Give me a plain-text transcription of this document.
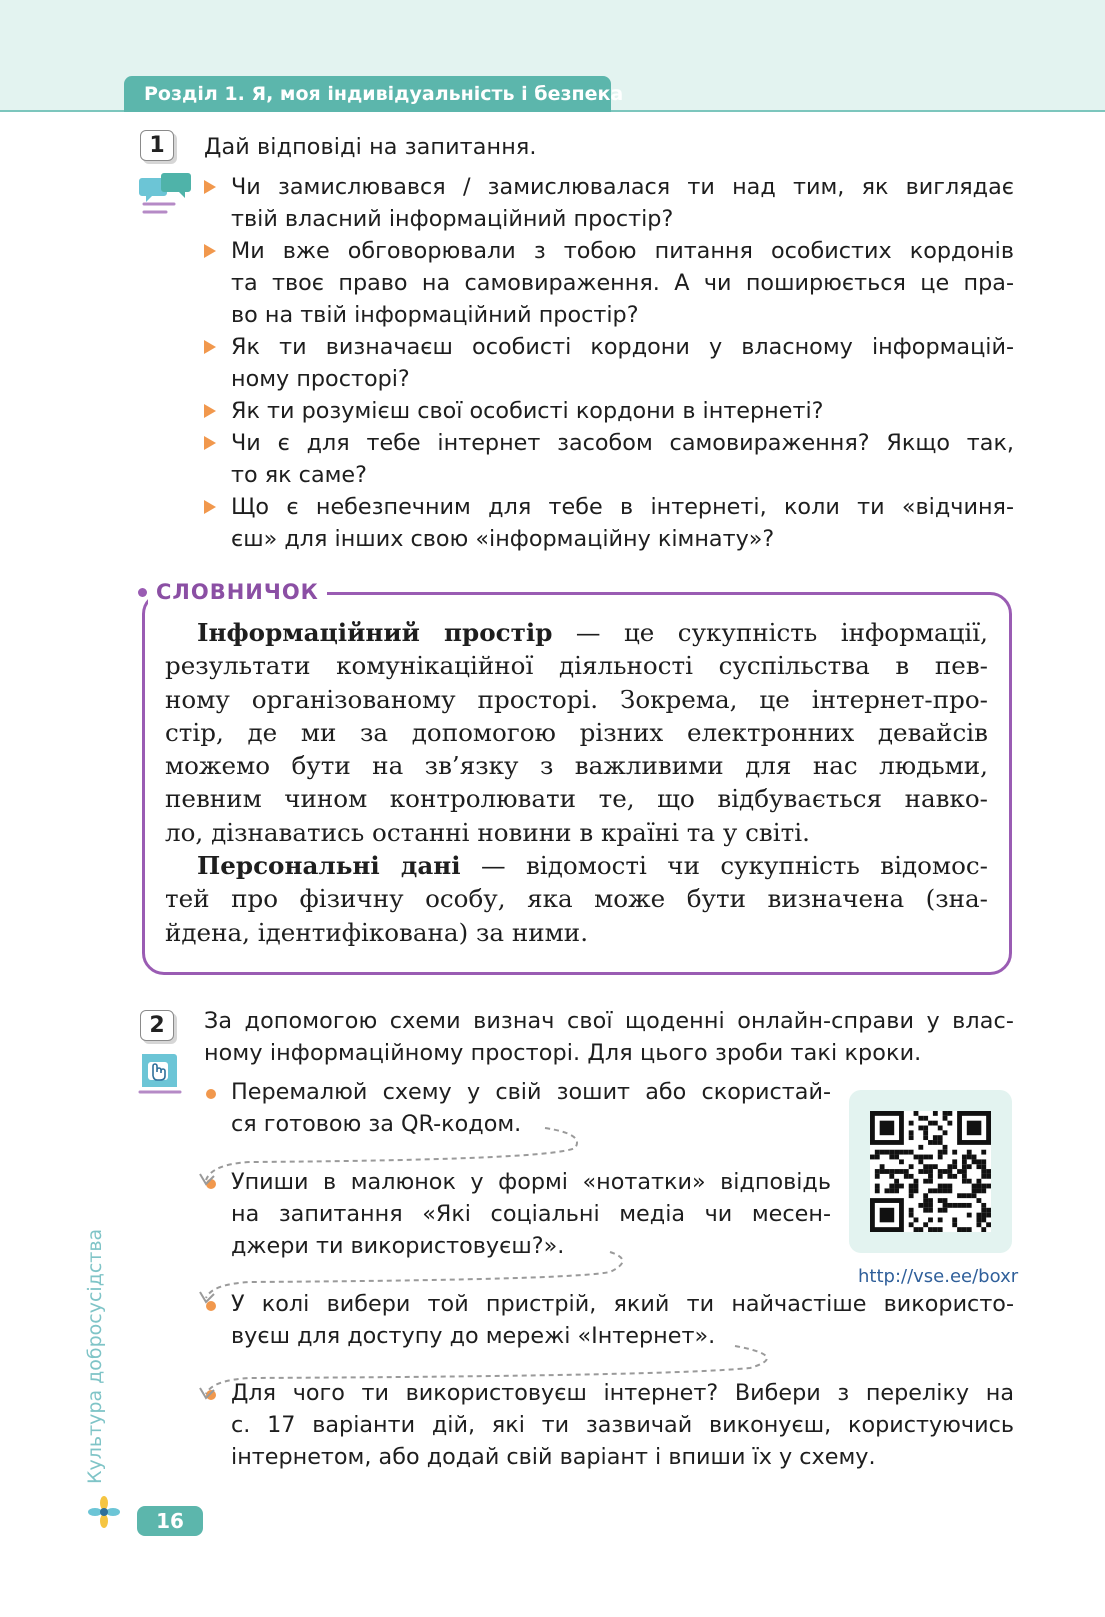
Розділ 1. Я, моя індивідуальність і безпека
1	Дай відповіді на запитання.
Чи замислювався / замислювалася ти над тим, як виглядає
твій власний інформаційний простір?
Ми вже обговорювали з тобою питання особистих кордонів
та твоє право на самовираження. А чи поширюється це пра-
во на твій інформаційний простір?
Як ти визначаєш особисті кордони у власному інформацій-
ному просторі?
Як ти розумієш свої особисті кордони в інтернеті?
Чи є для тебе інтернет засобом самовираження? Якщо так,
то як саме?
Що є небезпечним для тебе в інтернеті, коли ти «відчиня-
єш» для інших свою «інформаційну кімнату»?
СЛОВНИЧОК
Інформаційний простір — це сукупність інформації,
результати комунікаційної діяльності суспільства в пев-
ному організованому просторі. Зокрема, це інтернет-про-
стір, де ми за допомогою різних електронних девайсів
можемо бути на зв’язку з важливими для нас людьми,
певним чином контролювати те, що відбувається навко-
ло, дізнаватись останні новини в країні та у світі.
Персональні дані — відомості чи сукупність відомос-
тей про фізичну особу, яка може бути визначена (зна-
йдена, ідентифікована) за ними.
2	За допомогою схеми визнач свої щоденні онлайн-справи у влас-
ному інформаційному просторі. Для цього зроби такі кроки.
Перемалюй схему у свій зошит або скористай-
ся готовою за QR-кодом.
Упиши в малюнок у формі «нотатки» відповідь
на запитання «Які соціальні медіа чи месен-
джери ти використовуєш?».
У колі вибери той пристрій, який ти найчастіше використо-
вуєш для доступу до мережі «Інтернет».
Для чого ти використовуєш інтернет? Вибери з переліку на
с. 17 варіанти дій, які ти зазвичай виконуєш, користуючись
інтернетом, або додай свій варіант і впиши їх у схему.
http://vse.ee/boxr
Культура добросусідства
16
